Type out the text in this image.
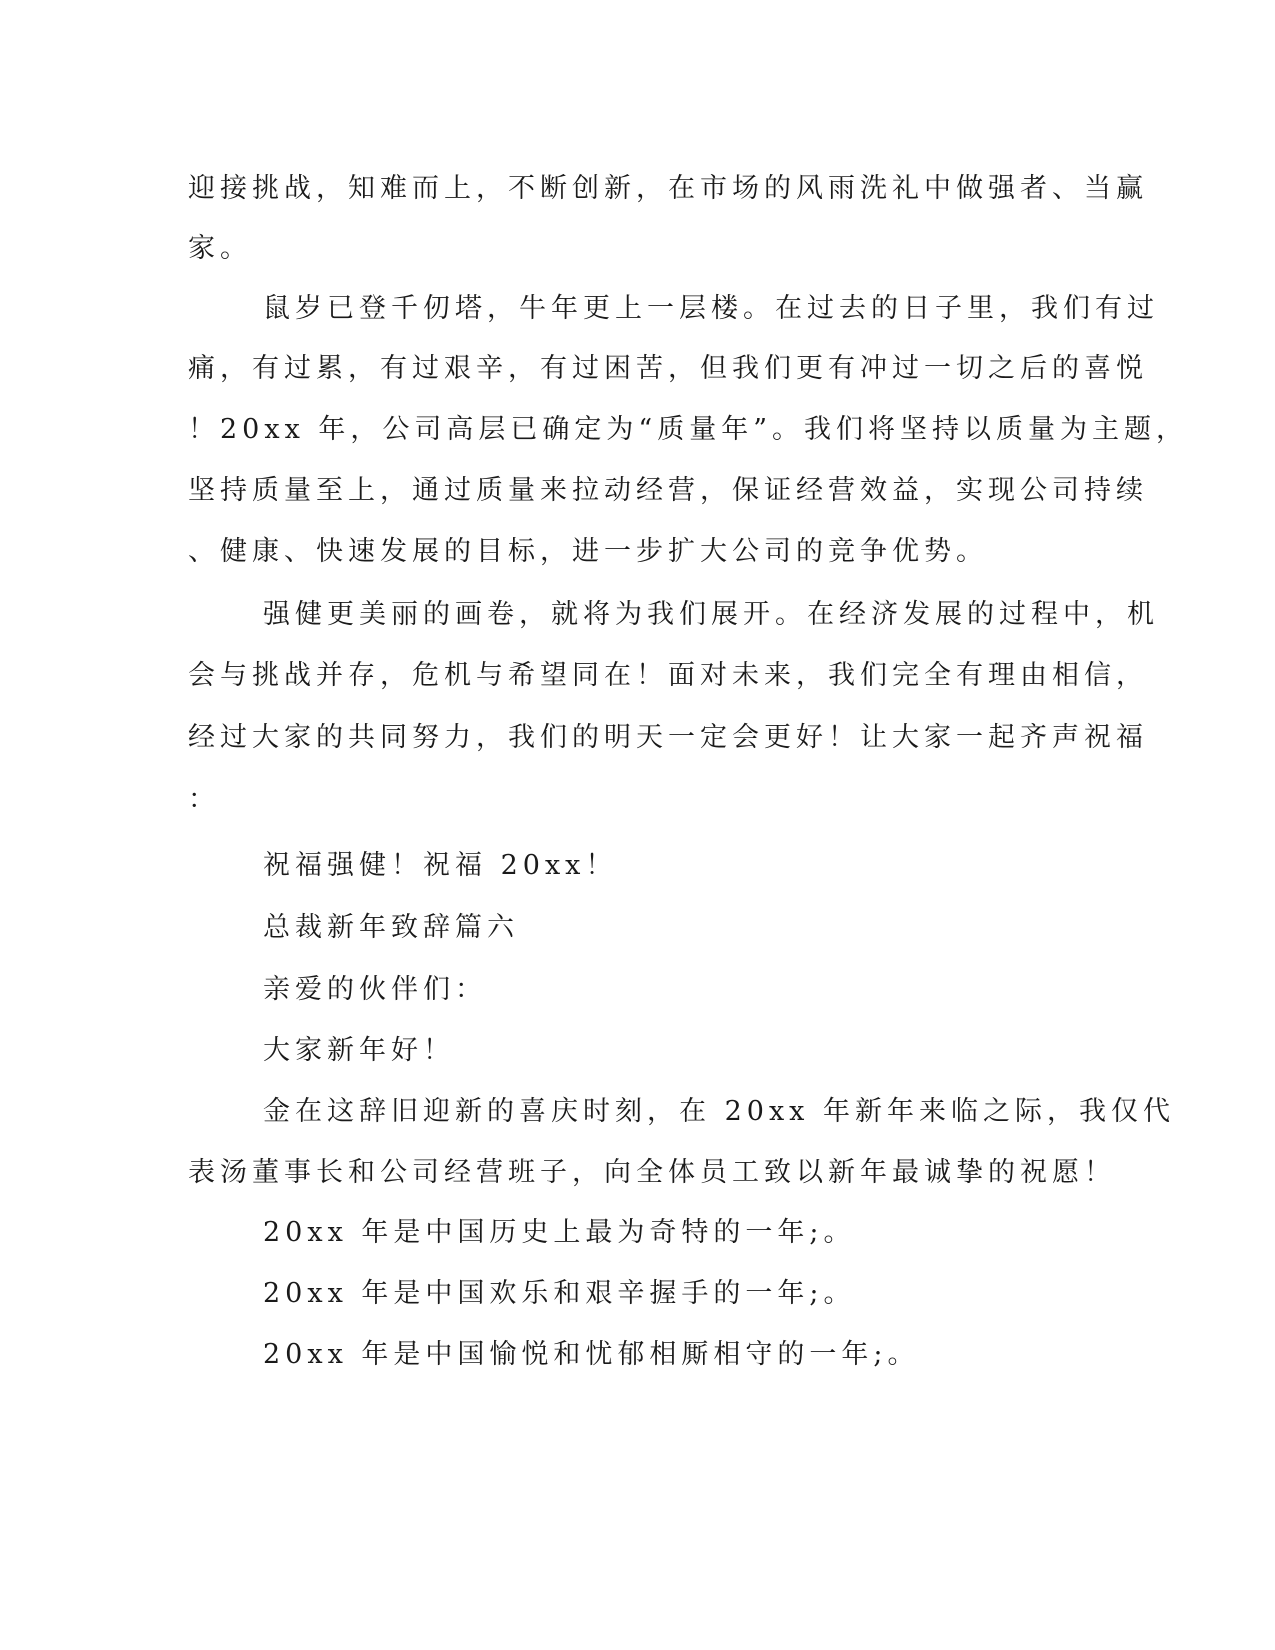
迎接挑战，知难而上，不断创新，在市场的风雨洗礼中做强者、当赢
家。
鼠岁已登千仞塔，牛年更上一层楼。在过去的日子里，我们有过
痛，有过累，有过艰辛，有过困苦，但我们更有冲过一切之后的喜悦
！20xx 年，公司高层已确定为“质量年”。我们将坚持以质量为主题，
坚持质量至上，通过质量来拉动经营，保证经营效益，实现公司持续
、健康、快速发展的目标，进一步扩大公司的竞争优势。
强健更美丽的画卷，就将为我们展开。在经济发展的过程中，机
会与挑战并存，危机与希望同在！面对未来，我们完全有理由相信，
经过大家的共同努力，我们的明天一定会更好！让大家一起齐声祝福
：
祝福强健！祝福 20xx！
总裁新年致辞篇六
亲爱的伙伴们：
大家新年好！
金在这辞旧迎新的喜庆时刻，在 20xx 年新年来临之际，我仅代
表汤董事长和公司经营班子，向全体员工致以新年最诚挚的祝愿！
20xx 年是中国历史上最为奇特的一年;。
20xx 年是中国欢乐和艰辛握手的一年;。
20xx 年是中国愉悦和忧郁相厮相守的一年;。
